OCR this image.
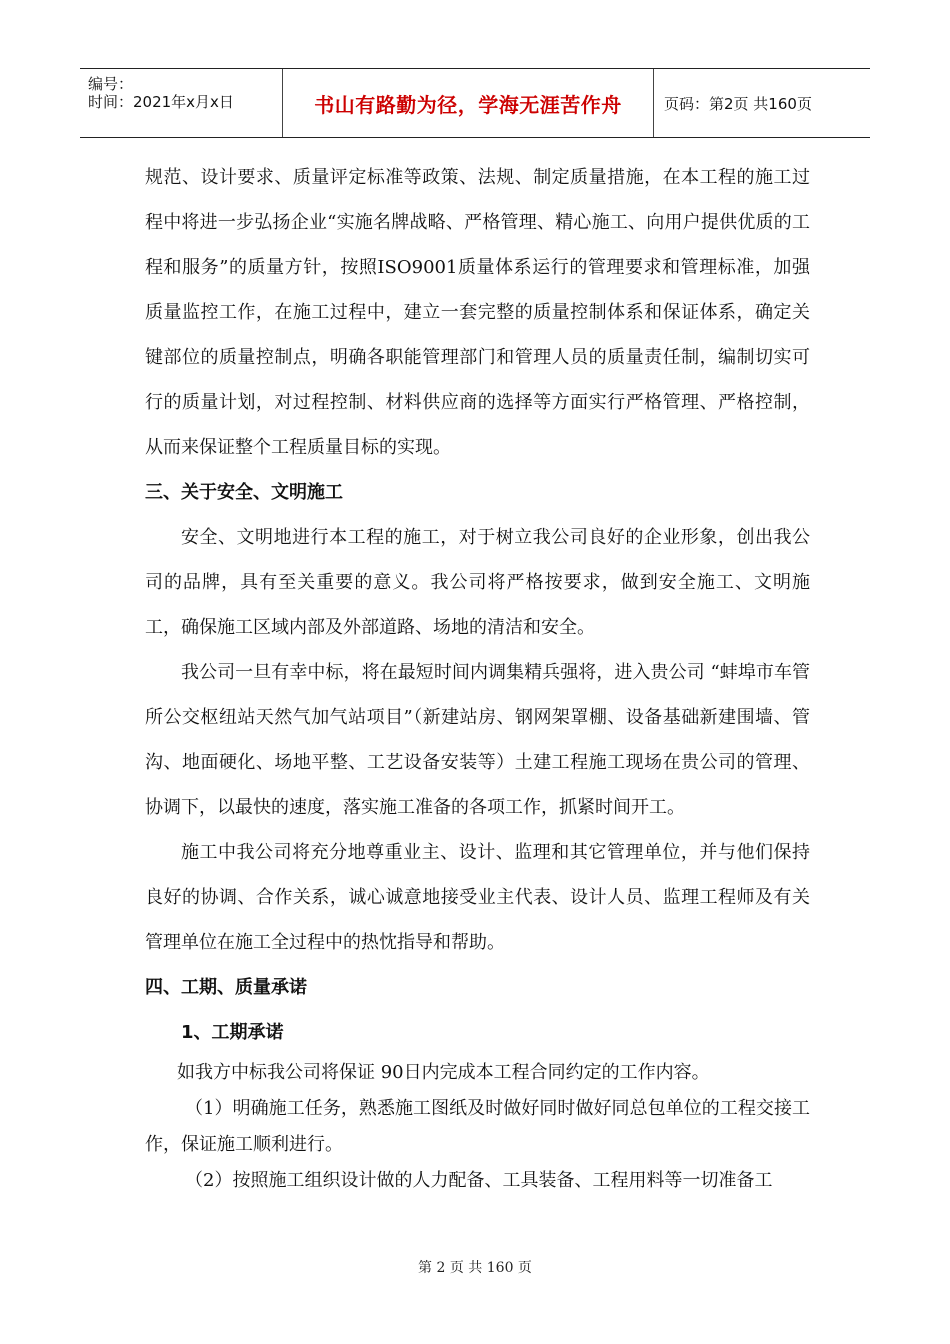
编号：
时间：2021年x月x日	书山有路勤为径，学海无涯苦作舟	页码：第2页 共160页

规范、设计要求、质量评定标准等政策、法规、制定质量措施，在本工程的施工过程中将进一步弘扬企业“实施名牌战略、严格管理、精心施工、向用户提供优质的工程和服务”的质量方针，按照ISO9001质量体系运行的管理要求和管理标准，加强质量监控工作，在施工过程中，建立一套完整的质量控制体系和保证体系，确定关键部位的质量控制点，明确各职能管理部门和管理人员的质量责任制，编制切实可行的质量计划，对过程控制、材料供应商的选择等方面实行严格管理、严格控制，从而来保证整个工程质量目标的实现。

三、关于安全、文明施工

安全、文明地进行本工程的施工，对于树立我公司良好的企业形象，创出我公司的品牌，具有至关重要的意义。我公司将严格按要求，做到安全施工、文明施工，确保施工区域内部及外部道路、场地的清洁和安全。

我公司一旦有幸中标，将在最短时间内调集精兵强将，进入贵公司 “蚌埠市车管所公交枢纽站天然气加气站项目”（新建站房、钢网架罩棚、设备基础新建围墙、管沟、地面硬化、场地平整、工艺设备安装等）土建工程施工现场在贵公司的管理、协调下，以最快的速度，落实施工准备的各项工作，抓紧时间开工。

施工中我公司将充分地尊重业主、设计、监理和其它管理单位，并与他们保持良好的协调、合作关系，诚心诚意地接受业主代表、设计人员、监理工程师及有关管理单位在施工全过程中的热忱指导和帮助。

四、工期、质量承诺

1、工期承诺

如我方中标我公司将保证 90日内完成本工程合同约定的工作内容。

（1）明确施工任务，熟悉施工图纸及时做好同时做好同总包单位的工程交接工作，保证施工顺利进行。

（2）按照施工组织设计做的人力配备、工具装备、工程用料等一切准备工

第 2 页 共 160 页
